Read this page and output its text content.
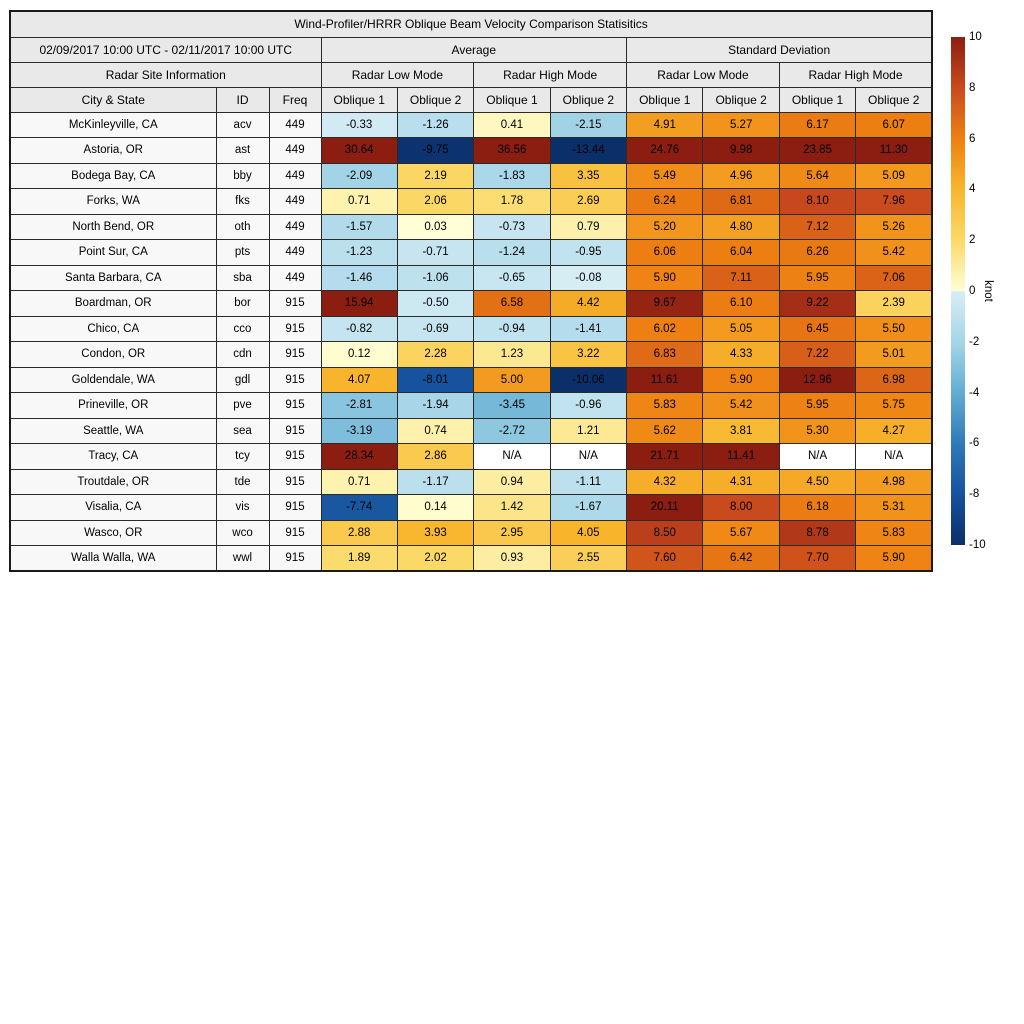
Wind-Profiler/HRRR Oblique Beam Velocity Comparison Statisitics										
02/09/2017 10:00 UTC - 02/11/2017 10:00 UTC			Average				Standard Deviation			
Radar Site Information			Radar Low Mode		Radar High Mode		Radar Low Mode		Radar High Mode	
City & State	ID	Freq	Oblique 1	Oblique 2	Oblique 1	Oblique 2	Oblique 1	Oblique 2	Oblique 1	Oblique 2
McKinleyville, CA	acv	449	-0.33	-1.26	0.41	-2.15	4.91	5.27	6.17	6.07
Astoria, OR	ast	449	30.64	-9.75	36.56	-13.44	24.76	9.98	23.85	11.30
Bodega Bay, CA	bby	449	-2.09	2.19	-1.83	3.35	5.49	4.96	5.64	5.09
Forks, WA	fks	449	0.71	2.06	1.78	2.69	6.24	6.81	8.10	7.96
North Bend, OR	oth	449	-1.57	0.03	-0.73	0.79	5.20	4.80	7.12	5.26
Point Sur, CA	pts	449	-1.23	-0.71	-1.24	-0.95	6.06	6.04	6.26	5.42
Santa Barbara, CA	sba	449	-1.46	-1.06	-0.65	-0.08	5.90	7.11	5.95	7.06
Boardman, OR	bor	915	15.94	-0.50	6.58	4.42	9.67	6.10	9.22	2.39
Chico, CA	cco	915	-0.82	-0.69	-0.94	-1.41	6.02	5.05	6.45	5.50
Condon, OR	cdn	915	0.12	2.28	1.23	3.22	6.83	4.33	7.22	5.01
Goldendale, WA	gdl	915	4.07	-8.01	5.00	-10.06	11.61	5.90	12.96	6.98
Prineville, OR	pve	915	-2.81	-1.94	-3.45	-0.96	5.83	5.42	5.95	5.75
Seattle, WA	sea	915	-3.19	0.74	-2.72	1.21	5.62	3.81	5.30	4.27
Tracy, CA	tcy	915	28.34	2.86	N/A	N/A	21.71	11.41	N/A	N/A
Troutdale, OR	tde	915	0.71	-1.17	0.94	-1.11	4.32	4.31	4.50	4.98
Visalia, CA	vis	915	-7.74	0.14	1.42	-1.67	20.11	8.00	6.18	5.31
Wasco, OR	wco	915	2.88	3.93	2.95	4.05	8.50	5.67	8.78	5.83
Walla Walla, WA	wwl	915	1.89	2.02	0.93	2.55	7.60	6.42	7.70	5.90
10
8
6
4
2
0
-2
-4
-6
-8
-10
knot
